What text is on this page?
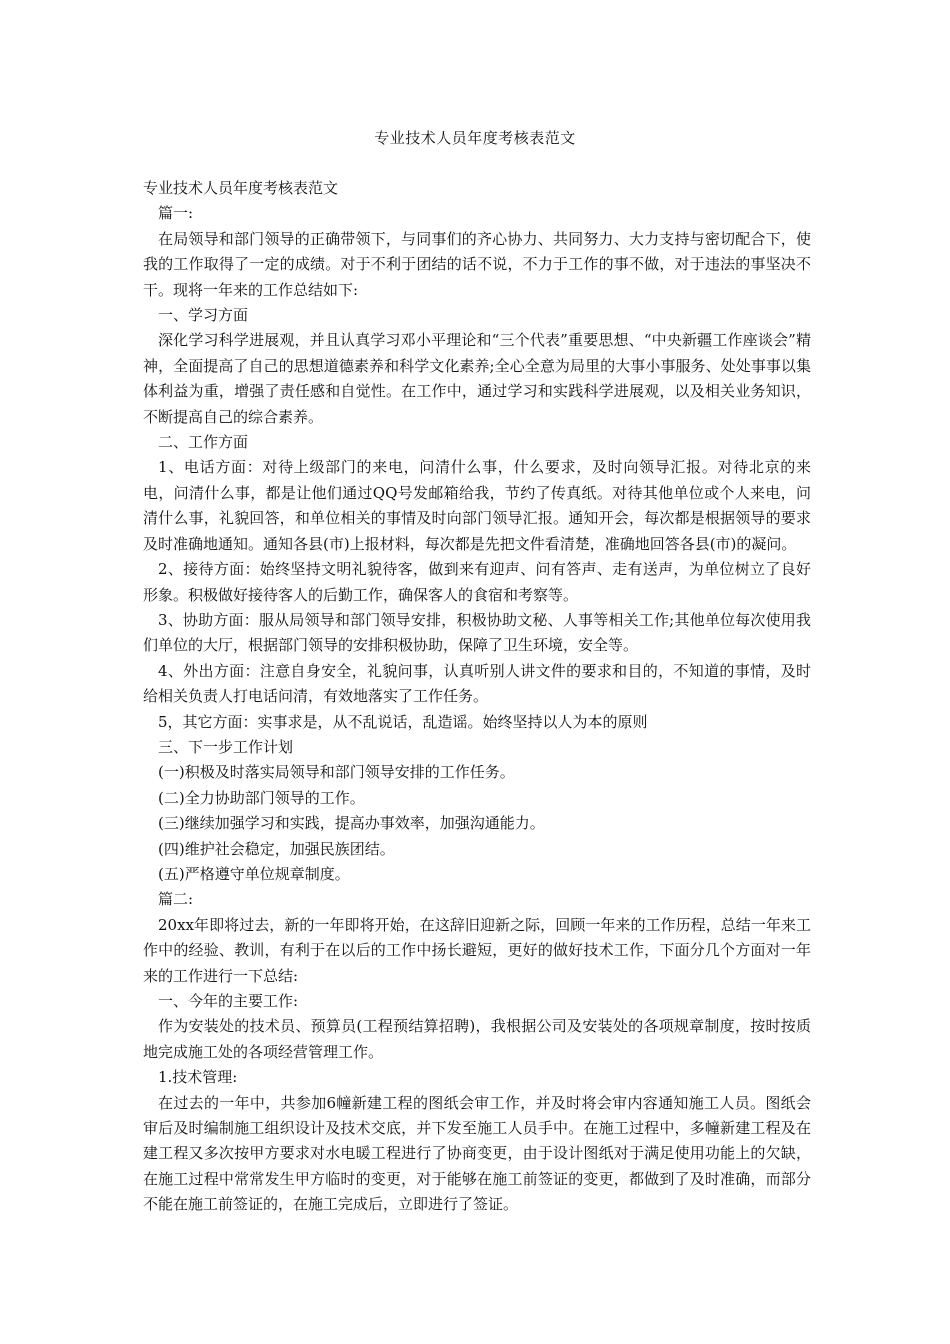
专业技术人员年度考核表范文

专业技术人员年度考核表范文

篇一:

在局领导和部门领导的正确带领下，与同事们的齐心协力、共同努力、大力支持与密切配合下，使我的工作取得了一定的成绩。对于不利于团结的话不说，不力于工作的事不做，对于违法的事坚决不干。现将一年来的工作总结如下:

一、学习方面

深化学习科学进展观，并且认真学习邓小平理论和“三个代表”重要思想、“中央新疆工作座谈会”精神，全面提高了自己的思想道德素养和科学文化素养;全心全意为局里的大事小事服务、处处事事以集体利益为重，增强了责任感和自觉性。在工作中，通过学习和实践科学进展观，以及相关业务知识，不断提高自己的综合素养。

二、工作方面

1、电话方面：对待上级部门的来电，问清什么事，什么要求，及时向领导汇报。对待北京的来电，问清什么事，都是让他们通过QQ号发邮箱给我，节约了传真纸。对待其他单位或个人来电，问清什么事，礼貌回答，和单位相关的事情及时向部门领导汇报。通知开会，每次都是根据领导的要求及时准确地通知。通知各县(市)上报材料，每次都是先把文件看清楚，准确地回答各县(市)的凝问。

2、接待方面：始终坚持文明礼貌待客，做到来有迎声、问有答声、走有送声，为单位树立了良好形象。积极做好接待客人的后勤工作，确保客人的食宿和考察等。

3、协助方面：服从局领导和部门领导安排，积极协助文秘、人事等相关工作;其他单位每次使用我们单位的大厅，根据部门领导的安排积极协助，保障了卫生环境，安全等。

4、外出方面：注意自身安全，礼貌问事，认真听别人讲文件的要求和目的，不知道的事情，及时给相关负责人打电话问清，有效地落实了工作任务。

5，其它方面：实事求是，从不乱说话，乱造谣。始终坚持以人为本的原则

三、下一步工作计划

(一)积极及时落实局领导和部门领导安排的工作任务。

(二)全力协助部门领导的工作。

(三)继续加强学习和实践，提高办事效率，加强沟通能力。

(四)维护社会稳定，加强民族团结。

(五)严格遵守单位规章制度。

篇二:

20xx年即将过去，新的一年即将开始，在这辞旧迎新之际，回顾一年来的工作历程，总结一年来工作中的经验、教训，有利于在以后的工作中扬长避短，更好的做好技术工作，下面分几个方面对一年来的工作进行一下总结:

一、今年的主要工作:

作为安装处的技术员、预算员(工程预结算招聘)，我根据公司及安装处的各项规章制度，按时按质地完成施工处的各项经营管理工作。

1.技术管理:

在过去的一年中，共参加6幢新建工程的图纸会审工作，并及时将会审内容通知施工人员。图纸会审后及时编制施工组织设计及技术交底，并下发至施工人员手中。在施工过程中，多幢新建工程及在建工程又多次按甲方要求对水电暖工程进行了协商变更，由于设计图纸对于满足使用功能上的欠缺，在施工过程中常常发生甲方临时的变更，对于能够在施工前签证的变更，都做到了及时准确，而部分不能在施工前签证的，在施工完成后，立即进行了签证。
